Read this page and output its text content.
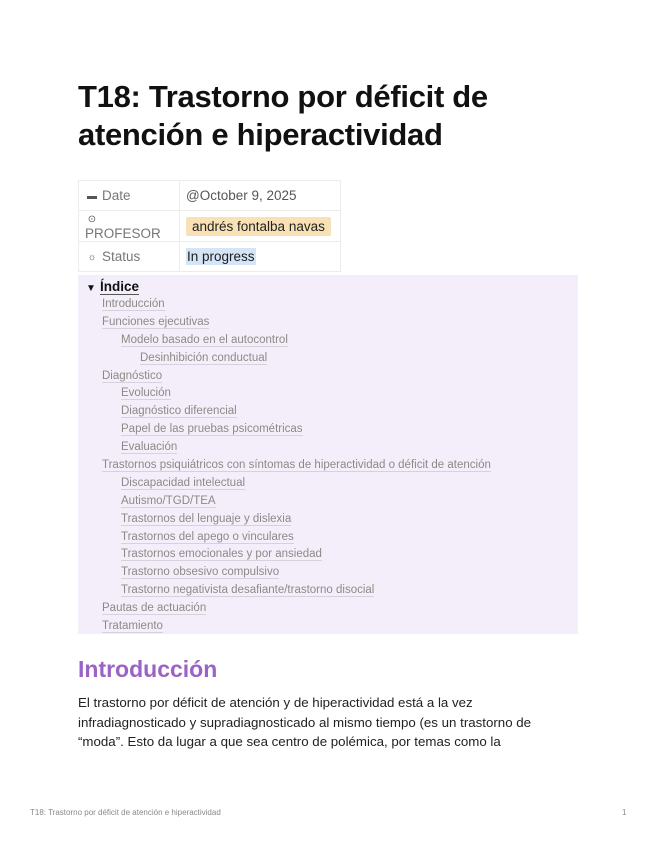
T18: Trastorno por déficit de atención e hiperactividad
▬ Date	@October 9, 2025
⊙PROFESOR	andrés fontalba navas
☼ Status	In progress
▼ Índice
Introducción
Funciones ejecutivas
Modelo basado en el autocontrol
Desinhibición conductual
Diagnóstico
Evolución
Diagnóstico diferencial
Papel de las pruebas psicométricas
Evaluación
Trastornos psiquiátricos con síntomas de hiperactividad o déficit de atención
Discapacidad intelectual
Autismo/TGD/TEA
Trastornos del lenguaje y dislexia
Trastornos del apego o vinculares
Trastornos emocionales y por ansiedad
Trastorno obsesivo compulsivo
Trastorno negativista desafiante/trastorno disocial
Pautas de actuación
Tratamiento
Introducción

El trastorno por déficit de atención y de hiperactividad está a la vez infradiagnosticado y supradiagnosticado al mismo tiempo (es un trastorno de “moda”. Esto da lugar a que sea centro de polémica, por temas como la

T18: Trastorno por déficit de atención e hiperactividad	1
